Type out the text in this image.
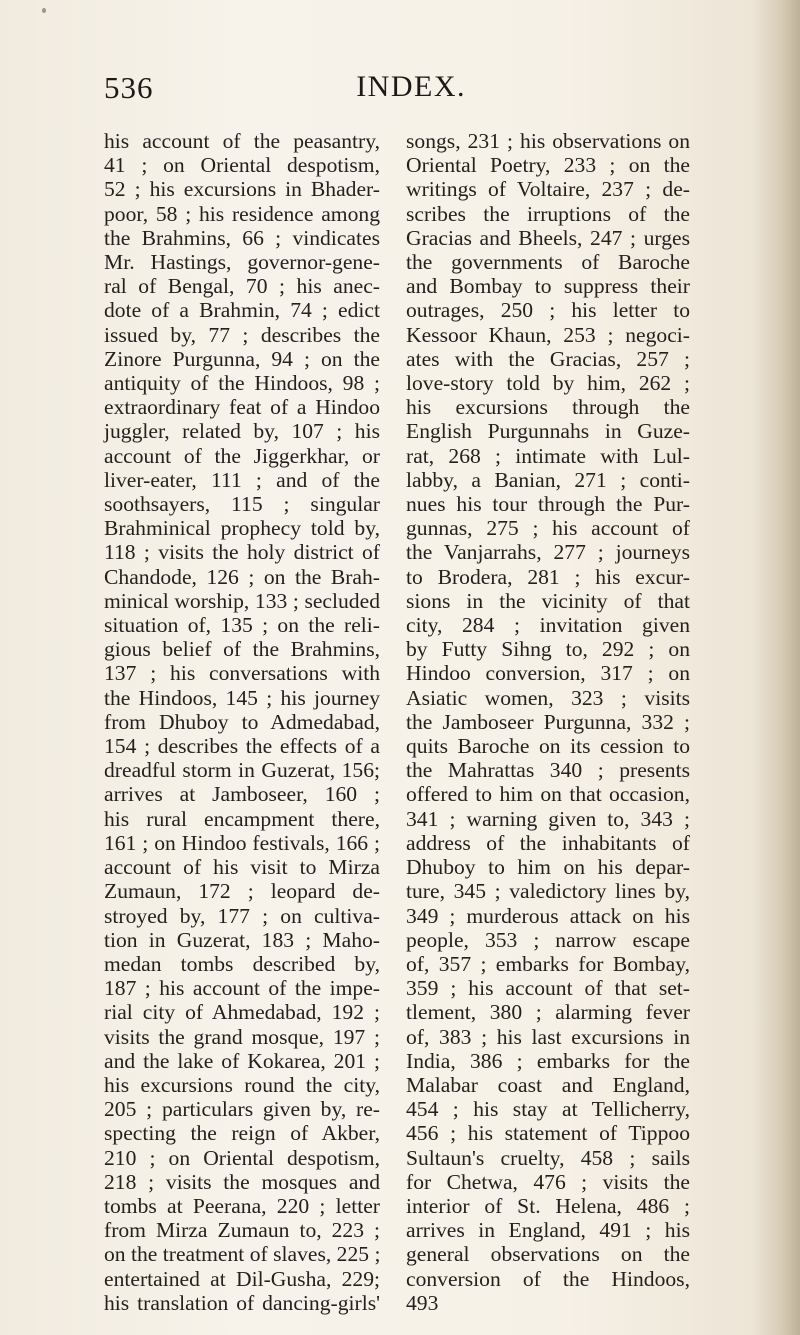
536	INDEX.
his account of the peasantry,
41 ; on Oriental despotism,
52 ; his excursions in Bhader-
poor, 58 ; his residence among
the Brahmins, 66 ; vindicates
Mr. Hastings, governor-gene-
ral of Bengal, 70 ; his anec-
dote of a Brahmin, 74 ; edict
issued by, 77 ; describes the
Zinore Purgunna, 94 ; on the
antiquity of the Hindoos, 98 ;
extraordinary feat of a Hindoo
juggler, related by, 107 ; his
account of the Jiggerkhar, or
liver-eater, 111 ; and of the
soothsayers, 115 ; singular
Brahminical prophecy told by,
118 ; visits the holy district of
Chandode, 126 ; on the Brah-
minical worship, 133 ; secluded
situation of, 135 ; on the reli-
gious belief of the Brahmins,
137 ; his conversations with
the Hindoos, 145 ; his journey
from Dhuboy to Admedabad,
154 ; describes the effects of a
dreadful storm in Guzerat, 156;
arrives at Jamboseer, 160 ;
his rural encampment there,
161 ; on Hindoo festivals, 166 ;
account of his visit to Mirza
Zumaun, 172 ; leopard de-
stroyed by, 177 ; on cultiva-
tion in Guzerat, 183 ; Maho-
medan tombs described by,
187 ; his account of the impe-
rial city of Ahmedabad, 192 ;
visits the grand mosque, 197 ;
and the lake of Kokarea, 201 ;
his excursions round the city,
205 ; particulars given by, re-
specting the reign of Akber,
210 ; on Oriental despotism,
218 ; visits the mosques and
tombs at Peerana, 220 ; letter
from Mirza Zumaun to, 223 ;
on the treatment of slaves, 225 ;
entertained at Dil-Gusha, 229;
his translation of dancing-girls'
songs, 231 ; his observations on
Oriental Poetry, 233 ; on the
writings of Voltaire, 237 ; de-
scribes the irruptions of the
Gracias and Bheels, 247 ; urges
the governments of Baroche
and Bombay to suppress their
outrages, 250 ; his letter to
Kessoor Khaun, 253 ; negoci-
ates with the Gracias, 257 ;
love-story told by him, 262 ;
his excursions through the
English Purgunnahs in Guze-
rat, 268 ; intimate with Lul-
labby, a Banian, 271 ; conti-
nues his tour through the Pur-
gunnas, 275 ; his account of
the Vanjarrahs, 277 ; journeys
to Brodera, 281 ; his excur-
sions in the vicinity of that
city, 284 ; invitation given
by Futty Sihng to, 292 ; on
Hindoo conversion, 317 ; on
Asiatic women, 323 ; visits
the Jamboseer Purgunna, 332 ;
quits Baroche on its cession to
the Mahrattas 340 ; presents
offered to him on that occasion,
341 ; warning given to, 343 ;
address of the inhabitants of
Dhuboy to him on his depar-
ture, 345 ; valedictory lines by,
349 ; murderous attack on his
people, 353 ; narrow escape
of, 357 ; embarks for Bombay,
359 ; his account of that set-
tlement, 380 ; alarming fever
of, 383 ; his last excursions in
India, 386 ; embarks for the
Malabar coast and England,
454 ; his stay at Tellicherry,
456 ; his statement of Tippoo
Sultaun's cruelty, 458 ; sails
for Chetwa, 476 ; visits the
interior of St. Helena, 486 ;
arrives in England, 491 ; his
general observations on the
conversion of the Hindoos,
493
